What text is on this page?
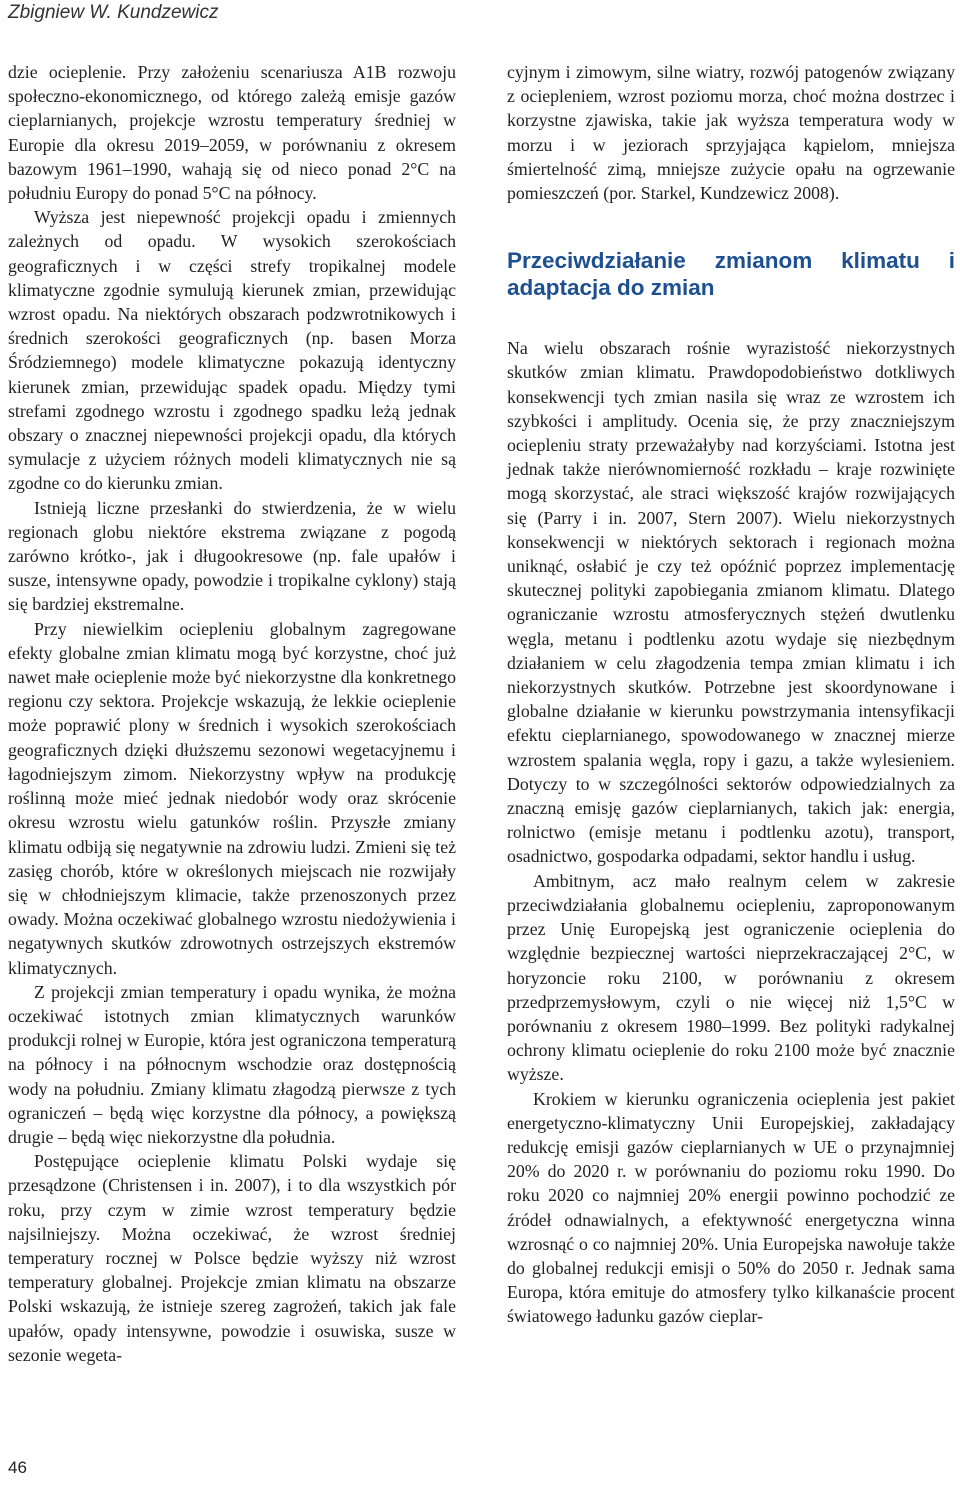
Zbigniew W. Kundzewicz

dzie ocieplenie. Przy założeniu scenariusza A1B rozwoju społeczno-ekonomicznego, od którego zależą emisje gazów cieplarnianych, projekcje wzrostu temperatury średniej w Europie dla okresu 2019–2059, w porównaniu z okresem bazowym 1961–1990, wahają się od nieco ponad 2°C na południu Europy do ponad 5°C na północy.

Wyższa jest niepewność projekcji opadu i zmiennych zależnych od opadu. W wysokich szerokościach geograficznych i w części strefy tropikalnej modele klimatyczne zgodnie symulują kierunek zmian, przewidując wzrost opadu. Na niektórych obszarach podzwrotnikowych i średnich szerokości geograficznych (np. basen Morza Śródziemnego) modele klimatyczne pokazują identyczny kierunek zmian, przewidując spadek opadu. Między tymi strefami zgodnego wzrostu i zgodnego spadku leżą jednak obszary o znacznej niepewności projekcji opadu, dla których symulacje z użyciem różnych modeli klimatycznych nie są zgodne co do kierunku zmian.

Istnieją liczne przesłanki do stwierdzenia, że w wielu regionach globu niektóre ekstrema związane z pogodą zarówno krótko-, jak i długookresowe (np. fale upałów i susze, intensywne opady, powodzie i tropikalne cyklony) stają się bardziej ekstremalne.

Przy niewielkim ociepleniu globalnym zagregowane efekty globalne zmian klimatu mogą być korzystne, choć już nawet małe ocieplenie może być niekorzystne dla konkretnego regionu czy sektora. Projekcje wskazują, że lekkie ocieplenie może poprawić plony w średnich i wysokich szerokościach geograficznych dzięki dłuższemu sezonowi wegetacyjnemu i łagodniejszym zimom. Niekorzystny wpływ na produkcję roślinną może mieć jednak niedobór wody oraz skrócenie okresu wzrostu wielu gatunków roślin. Przyszłe zmiany klimatu odbiją się negatywnie na zdrowiu ludzi. Zmieni się też zasięg chorób, które w określonych miejscach nie rozwijały się w chłodniejszym klimacie, także przenoszonych przez owady. Można oczekiwać globalnego wzrostu niedożywienia i negatywnych skutków zdrowotnych ostrzejszych ekstremów klimatycznych.

Z projekcji zmian temperatury i opadu wynika, że można oczekiwać istotnych zmian klimatycznych warunków produkcji rolnej w Europie, która jest ograniczona temperaturą na północy i na północnym wschodzie oraz dostępnością wody na południu. Zmiany klimatu złagodzą pierwsze z tych ograniczeń – będą więc korzystne dla północy, a powiększą drugie – będą więc niekorzystne dla południa.

Postępujące ocieplenie klimatu Polski wydaje się przesądzone (Christensen i in. 2007), i to dla wszystkich pór roku, przy czym w zimie wzrost temperatury będzie najsilniejszy. Można oczekiwać, że wzrost średniej temperatury rocznej w Polsce będzie wyższy niż wzrost temperatury globalnej. Projekcje zmian klimatu na obszarze Polski wskazują, że istnieje szereg zagrożeń, takich jak fale upałów, opady intensywne, powodzie i osuwiska, susze w sezonie wegeta-

cyjnym i zimowym, silne wiatry, rozwój patogenów związany z ociepleniem, wzrost poziomu morza, choć można dostrzec i korzystne zjawiska, takie jak wyższa temperatura wody w morzu i w jeziorach sprzyjająca kąpielom, mniejsza śmiertelność zimą, mniejsze zużycie opału na ogrzewanie pomieszczeń (por. Starkel, Kundzewicz 2008).

Przeciwdziałanie zmianom klimatu i adaptacja do zmian

Na wielu obszarach rośnie wyrazistość niekorzystnych skutków zmian klimatu. Prawdopodobieństwo dotkliwych konsekwencji tych zmian nasila się wraz ze wzrostem ich szybkości i amplitudy. Ocenia się, że przy znaczniejszym ociepleniu straty przeważałyby nad korzyściami. Istotna jest jednak także nierównomierność rozkładu – kraje rozwinięte mogą skorzystać, ale straci większość krajów rozwijających się (Parry i in. 2007, Stern 2007). Wielu niekorzystnych konsekwencji w niektórych sektorach i regionach można uniknąć, osłabić je czy też opóźnić poprzez implementację skutecznej polityki zapobiegania zmianom klimatu. Dlatego ograniczanie wzrostu atmosferycznych stężeń dwutlenku węgla, metanu i podtlenku azotu wydaje się niezbędnym działaniem w celu złagodzenia tempa zmian klimatu i ich niekorzystnych skutków. Potrzebne jest skoordynowane i globalne działanie w kierunku powstrzymania intensyfikacji efektu cieplarnianego, spowodowanego w znacznej mierze wzrostem spalania węgla, ropy i gazu, a także wylesieniem. Dotyczy to w szczególności sektorów odpowiedzialnych za znaczną emisję gazów cieplarnianych, takich jak: energia, rolnictwo (emisje metanu i podtlenku azotu), transport, osadnictwo, gospodarka odpadami, sektor handlu i usług.

Ambitnym, acz mało realnym celem w zakresie przeciwdziałania globalnemu ociepleniu, zaproponowanym przez Unię Europejską jest ograniczenie ocieplenia do względnie bezpiecznej wartości nieprzekraczającej 2°C, w horyzoncie roku 2100, w porównaniu z okresem przedprzemysłowym, czyli o nie więcej niż 1,5°C w porównaniu z okresem 1980–1999. Bez polityki radykalnej ochrony klimatu ocieplenie do roku 2100 może być znacznie wyższe.

Krokiem w kierunku ograniczenia ocieplenia jest pakiet energetyczno-klimatyczny Unii Europejskiej, zakładający redukcję emisji gazów cieplarnianych w UE o przynajmniej 20% do 2020 r. w porównaniu do poziomu roku 1990. Do roku 2020 co najmniej 20% energii powinno pochodzić ze źródeł odnawialnych, a efektywność energetyczna winna wzrosnąć o co najmniej 20%. Unia Europejska nawołuje także do globalnej redukcji emisji o 50% do 2050 r. Jednak sama Europa, która emituje do atmosfery tylko kilkanaście procent światowego ładunku gazów cieplar-

46
